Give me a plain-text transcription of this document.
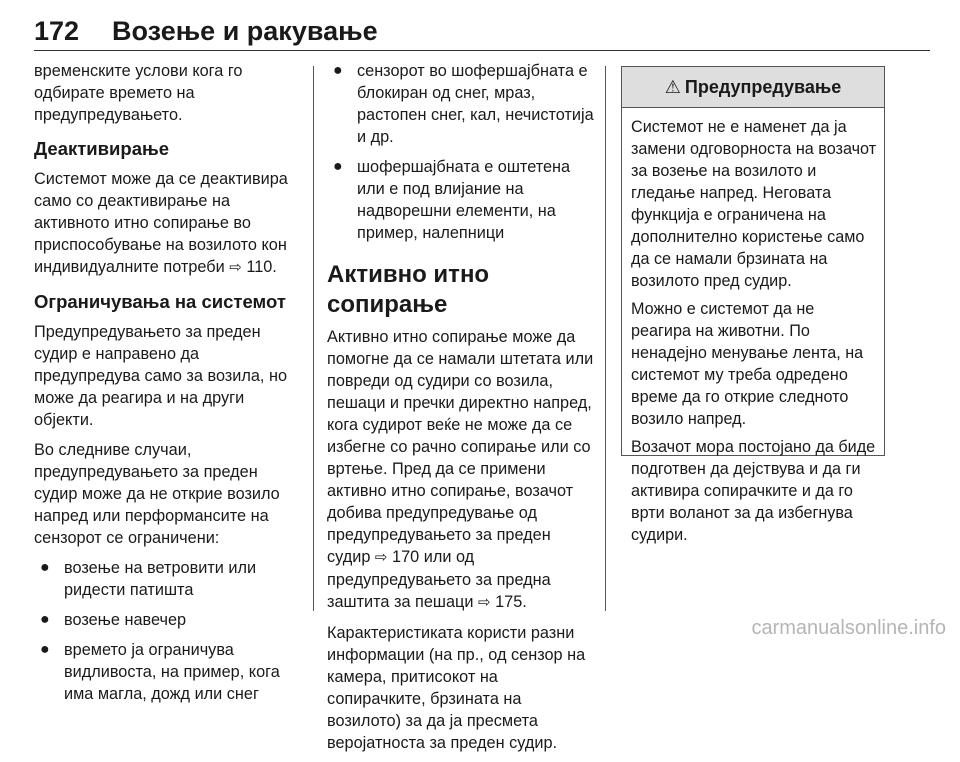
172 Возење и ракување

временските услови кога го одбирате времето на предупредувањето.

Деактивирање

Системот може да се деактивира само со деактивирање на активното итно сопирање во приспособување на возилото кон индивидуалните потреби ⇨ 110.

Ограничувања на системот

Предупредувањето за преден судир е направено да предупредува само за возила, но може да реагира и на други објекти.

Во следниве случаи, предупредувањето за преден судир може да не открие возило напред или перформансите на сензорот се ограничени:

● возење на ветровити или ридести патишта
● возење навечер
● времето ја ограничува видливоста, на пример, кога има магла, дожд или снег
● сензорот во шофершајбната е блокиран од снег, мраз, растопен снег, кал, нечистотија и др.
● шофершајбната е оштетена или е под влијание на надворешни елементи, на пример, налепници
Активно итно сопирање

Активно итно сопирање може да помогне да се намали штетата или повреди од судири со возила, пешаци и пречки директно напред, кога судирот веќе не може да се избегне со рачно сопирање или со вртење. Пред да се примени активно итно сопирање, возачот добива предупредување од предупредувањето за преден судир ⇨ 170 или од предупредувањето за предна заштита за пешаци ⇨ 175.

Карактеристиката користи разни информации (на пр., од сензор на камера, притисокот на сопирачките, брзината на возилото) за да ја пресмета веројатноста за преден судир.

⚠ Предупредување

Системот не е наменет да ја замени одговорноста на возачот за возење на возилото и гледање напред. Неговата функција е ограничена на дополнително користење само да се намали брзината на возилото пред судир.

Можно е системот да не реагира на животни. По ненадејно менување лента, на системот му треба одредено време да го открие следното возило напред.

Возачот мора постојано да биде подготвен да дејствува и да ги активира сопирачките и да го врти воланот за да избегнува судири.

carmanualsonline.info
